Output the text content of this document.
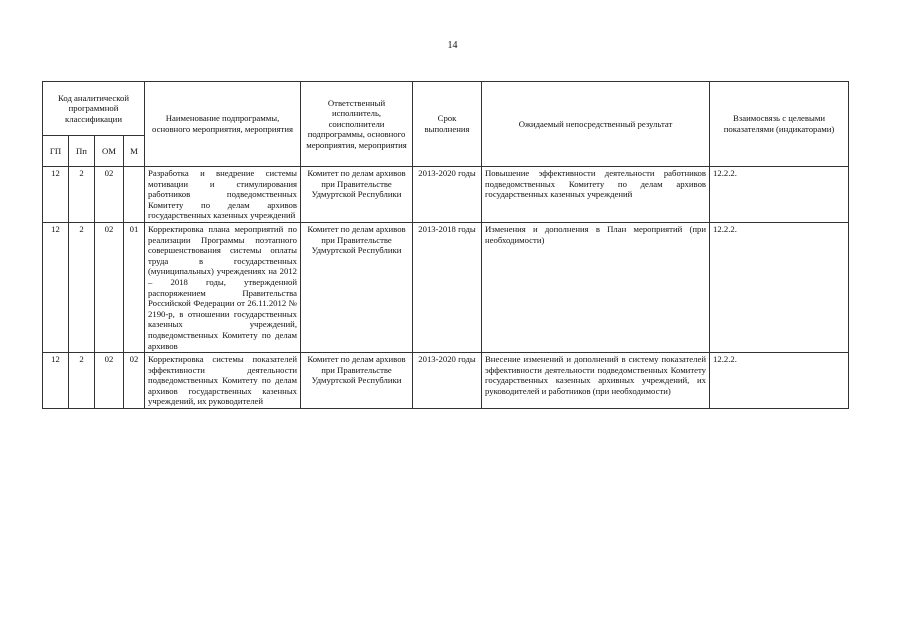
14
Код аналитической программной классификации				Наименование подпрограммы, основного мероприятия, мероприятия	Ответственный исполнитель, соисполнители подпрограммы, основного мероприятия, мероприятия	Срок выполнения	Ожидаемый непосредственный результат	Взаимосвязь с целевыми показателями (индикаторами)
ГП	Пп	ОМ	М					
12	2	02		Разработка и внедрение системы мотивации и стимулирования работников подведомственных Комитету по делам архивов государственных казенных учреждений	Комитет по делам архивов при Правительстве Удмуртской Республики	2013-2020 годы	Повышение эффективности деятельности работников подведомственных Комитету по делам архивов государственных казенных учреждений	12.2.2.
12	2	02	01	Корректировка плана мероприятий по реализации Программы поэтапного совершенствования системы оплаты труда в государственных (муниципальных) учреждениях на 2012 – 2018 годы, утвержденной распоряжением Правительства Российской Федерации от 26.11.2012 № 2190-р, в отношении государственных казенных учреждений, подведомственных Комитету по делам архивов	Комитет по делам архивов при Правительстве Удмуртской Республики	2013-2018 годы	Изменения и дополнения в План мероприятий (при необходимости)	12.2.2.
12	2	02	02	Корректировка системы показателей эффективности деятельности подведомственных Комитету по делам архивов государственных казенных учреждений, их руководителей	Комитет по делам архивов при Правительстве Удмуртской Республики	2013-2020 годы	Внесение изменений и дополнений в систему показателей эффективности деятельности подведомственных Комитету государственных казенных архивных учреждений, их руководителей и работников (при необходимости)	12.2.2.
